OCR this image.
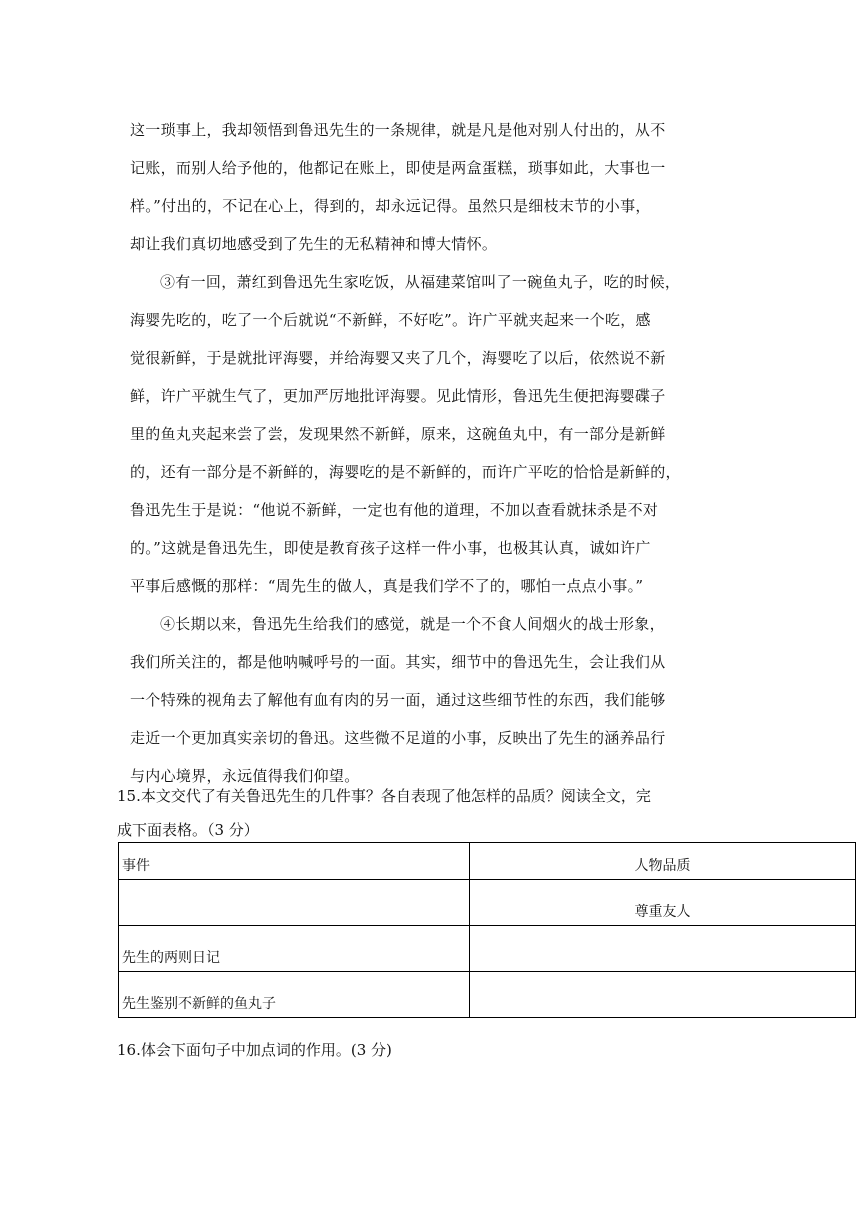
这一琐事上，我却领悟到鲁迅先生的一条规律，就是凡是他对别人付出的，从不
记账，而别人给予他的，他都记在账上，即使是两盒蛋糕，琐事如此，大事也一
样。”付出的，不记在心上，得到的，却永远记得。虽然只是细枝末节的小事，
却让我们真切地感受到了先生的无私精神和博大情怀。
③有一回，萧红到鲁迅先生家吃饭，从福建菜馆叫了一碗鱼丸子，吃的时候，
海婴先吃的，吃了一个后就说“不新鲜，不好吃”。许广平就夹起来一个吃，感
觉很新鲜，于是就批评海婴，并给海婴又夹了几个，海婴吃了以后，依然说不新
鲜，许广平就生气了，更加严厉地批评海婴。见此情形，鲁迅先生便把海婴碟子
里的鱼丸夹起来尝了尝，发现果然不新鲜，原来，这碗鱼丸中，有一部分是新鲜
的，还有一部分是不新鲜的，海婴吃的是不新鲜的，而许广平吃的恰恰是新鲜的，
鲁迅先生于是说：“他说不新鲜，一定也有他的道理，不加以查看就抹杀是不对
的。”这就是鲁迅先生，即使是教育孩子这样一件小事，也极其认真，诚如许广
平事后感慨的那样：“周先生的做人，真是我们学不了的，哪怕一点点小事。”
④长期以来，鲁迅先生给我们的感觉，就是一个不食人间烟火的战士形象，
我们所关注的，都是他呐喊呼号的一面。其实，细节中的鲁迅先生，会让我们从
一个特殊的视角去了解他有血有肉的另一面，通过这些细节性的东西，我们能够
走近一个更加真实亲切的鲁迅。这些微不足道的小事，反映出了先生的涵养品行
与内心境界，永远值得我们仰望。
15.本文交代了有关鲁迅先生的几件事？各自表现了他怎样的品质？阅读全文，完
成下面表格。（3 分）
事件	人物品质

	尊重友人

先生的两则日记	

先生鉴别不新鲜的鱼丸子	

16.体会下面句子中加点词的作用。(3 分)
